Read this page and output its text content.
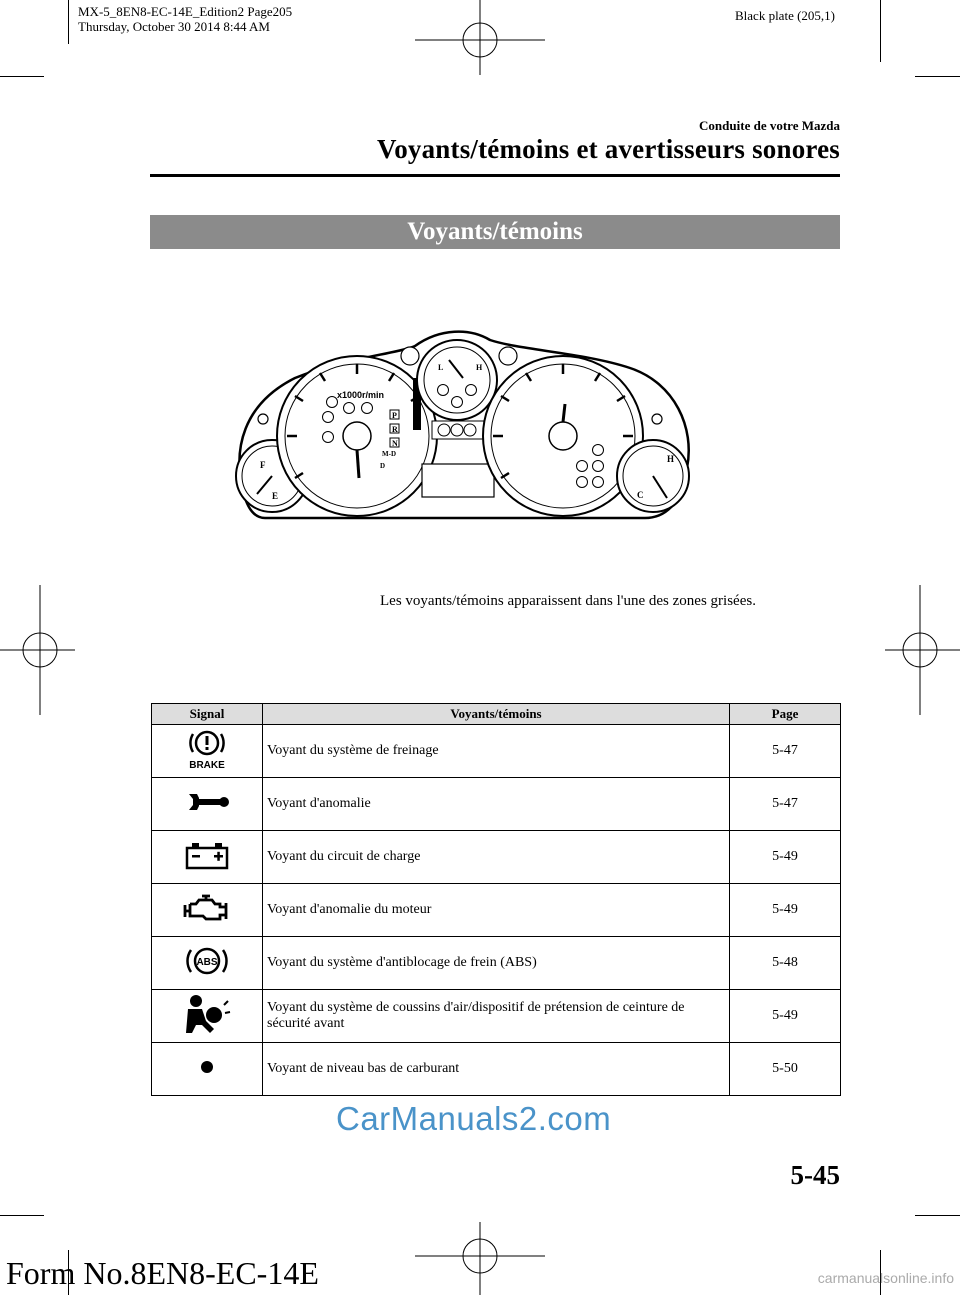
MX-5_8EN8-EC-14E_Edition2 Page205
Thursday, October 30 2014 8:44 AM
Black plate (205,1)
Conduite de votre Mazda
Voyants/témoins et avertisseurs sonores
Voyants/témoins
F
E
x1000r/min
P
R
N
M-D
D
L	H
H
C
Les voyants/témoins apparaissent dans l'une des zones grisées.
Signal	Voyants/témoins	Page

BRAKE	Voyant du système de freinage	5-47
	Voyant d'anomalie	5-47
	Voyant du circuit de charge	5-49
	Voyant d'anomalie du moteur	5-49

ABS	Voyant du système d'antiblocage de frein (ABS)	5-48
	Voyant du système de coussins d'air/dispositif de prétension de ceinture de sécurité avant	5-49
	Voyant de niveau bas de carburant	5-50
CarManuals2.com
5-45
Form No.8EN8-EC-14E	carmanualsonline.info
